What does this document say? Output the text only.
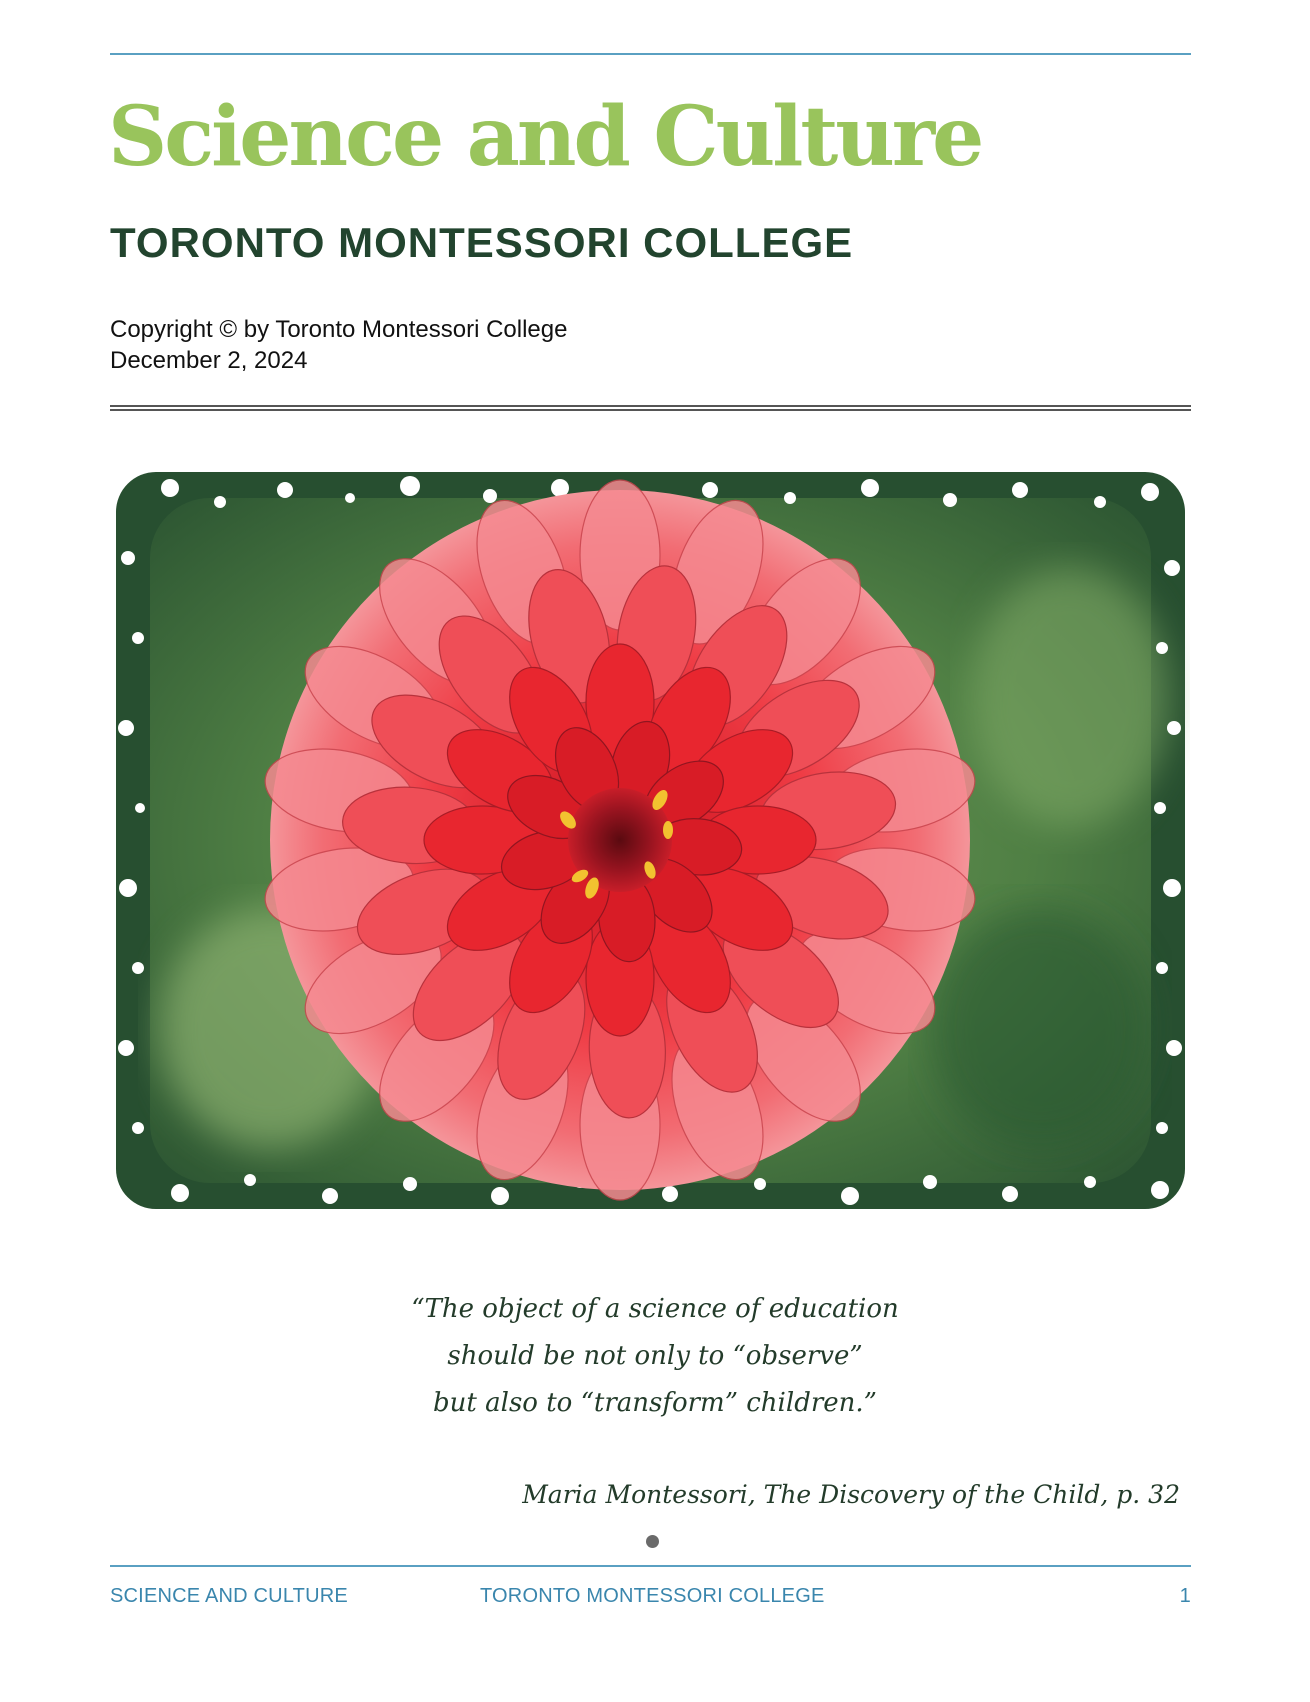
Science and Culture
TORONTO MONTESSORI COLLEGE
Copyright © by Toronto Montessori College
December 2, 2024
“The object of a science of education
should be not only to “observe”
but also to “transform” children.”
Maria Montessori, The Discovery of the Child, p. 32
SCIENCE AND CULTURE	TORONTO MONTESSORI COLLEGE	1
